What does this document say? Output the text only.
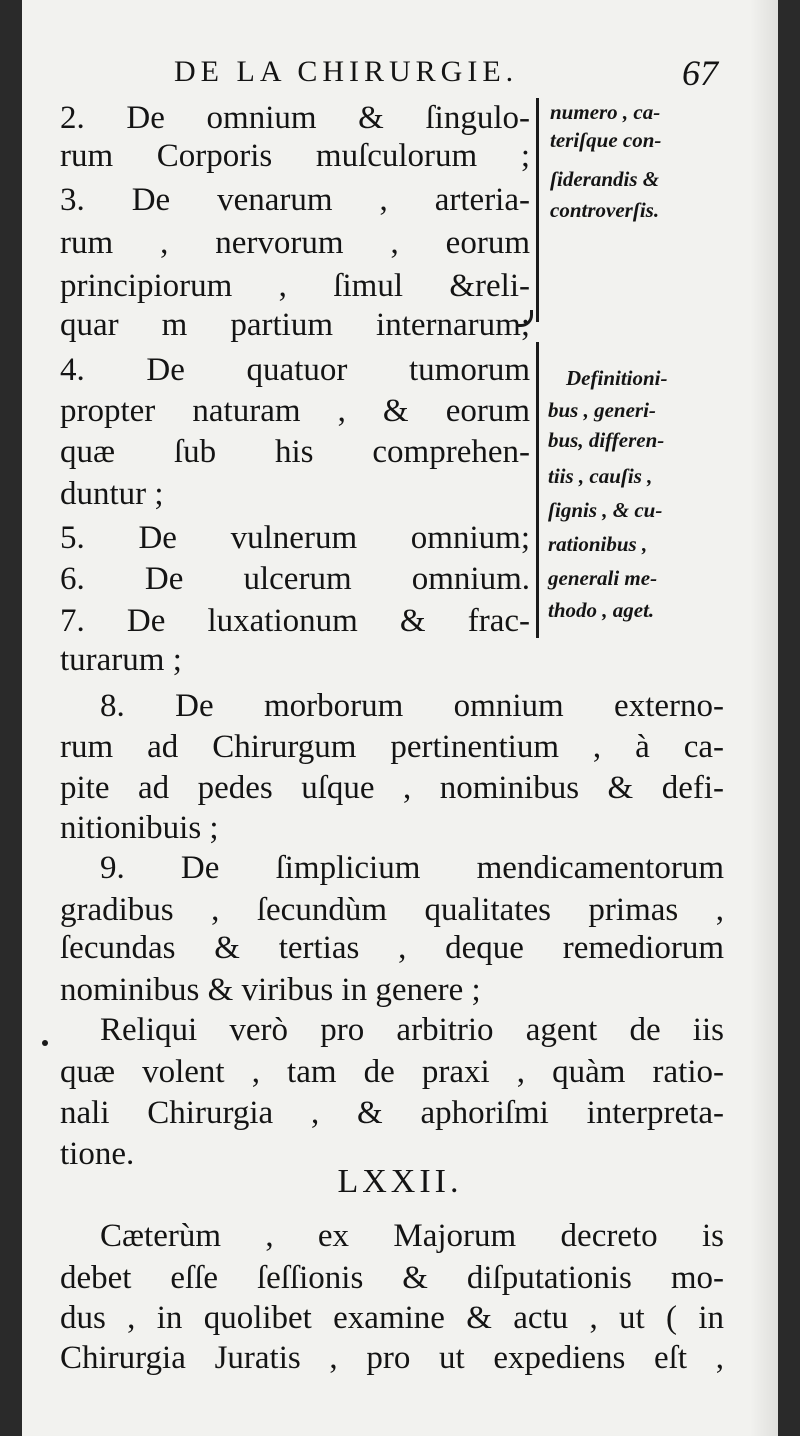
DE LA CHIRURGIE.	67
2. De omnium & ſingulo-
rum Corporis muſculorum ;
3. De venarum , arteria-
rum , nervorum , eorum
principiorum , ſimul &reli-
quar m partium internarum;
4. De quatuor tumorum
propter naturam , & eorum
quæ ſub his comprehen-
duntur ;
5. De vulnerum omnium;
6. De ulcerum omnium.
7. De luxationum & frac-
turarum ;
numero , ca-
teriſque con-
ſiderandis &
controverſis.
Definitioni-
bus , generi-
bus, differen-
tiis , cauſis ,
ſignis , & cu-
rationibus ,
generali me-
thodo , aget.
8. De morborum omnium externo-
rum ad Chirurgum pertinentium , à ca-
pite ad pedes uſque , nominibus & defi-
nitionibuis ;
9. De ſimplicium mendicamentorum
gradibus , ſecundùm qualitates primas ,
ſecundas & tertias , deque remediorum
nominibus & viribus in genere ;
Reliqui verò pro arbitrio agent de iis
quæ volent , tam de praxi , quàm ratio-
nali Chirurgia , & aphoriſmi interpreta-
tione.
LXXII.
Cæterùm , ex Majorum decreto is
debet eſſe ſeſſionis & diſputationis mo-
dus , in quolibet examine & actu , ut ( in
Chirurgia Juratis , pro ut expediens eſt ,
